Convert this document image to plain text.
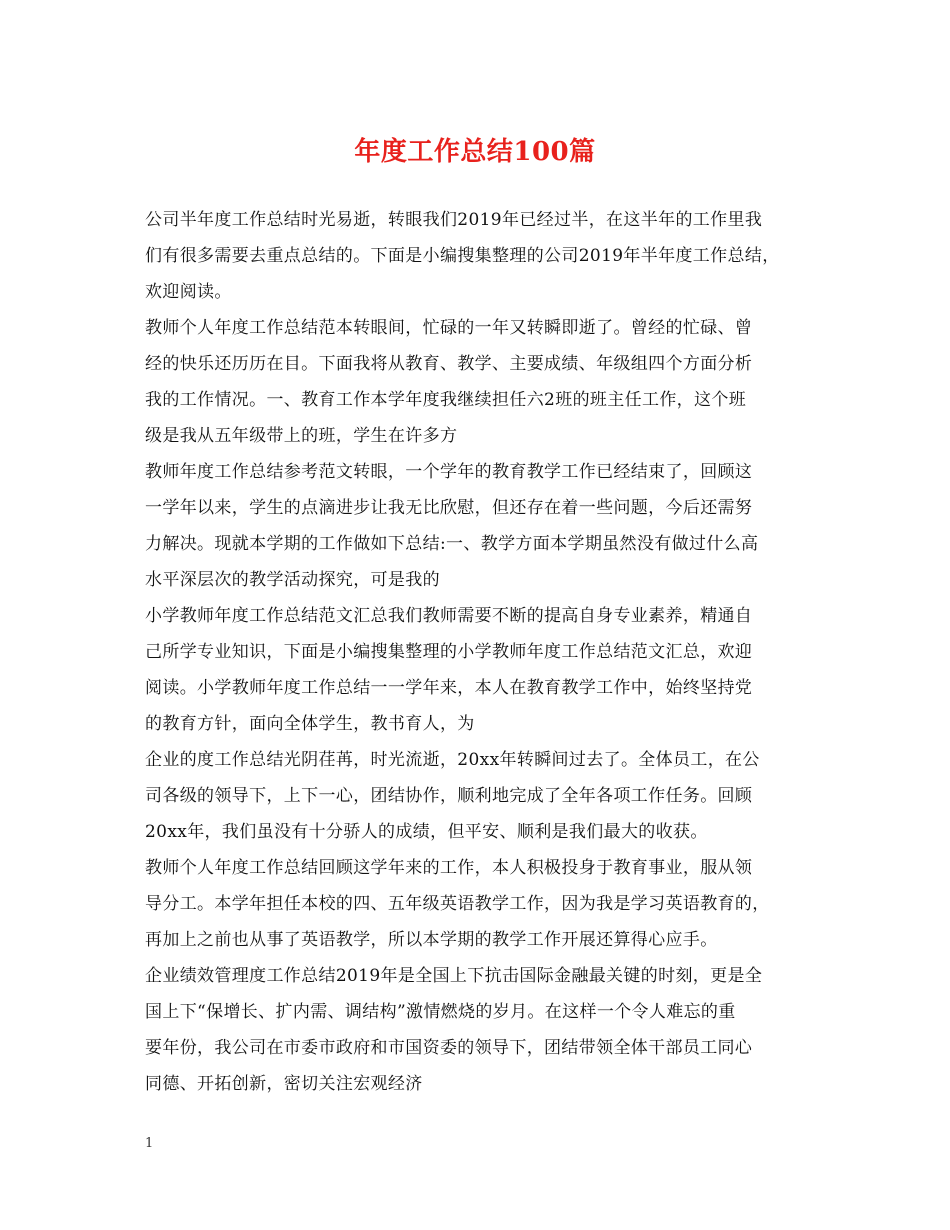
年度工作总结100篇
公司半年度工作总结时光易逝，转眼我们2019年已经过半，在这半年的工作里我
们有很多需要去重点总结的。下面是小编搜集整理的公司2019年半年度工作总结，
欢迎阅读。
教师个人年度工作总结范本转眼间，忙碌的一年又转瞬即逝了。曾经的忙碌、曾
经的快乐还历历在目。下面我将从教育、教学、主要成绩、年级组四个方面分析
我的工作情况。一、教育工作本学年度我继续担任六2班的班主任工作，这个班
级是我从五年级带上的班，学生在许多方
教师年度工作总结参考范文转眼，一个学年的教育教学工作已经结束了，回顾这
一学年以来，学生的点滴进步让我无比欣慰，但还存在着一些问题，今后还需努
力解决。现就本学期的工作做如下总结:一、教学方面本学期虽然没有做过什么高
水平深层次的教学活动探究，可是我的
小学教师年度工作总结范文汇总我们教师需要不断的提高自身专业素养，精通自
己所学专业知识，下面是小编搜集整理的小学教师年度工作总结范文汇总，欢迎
阅读。小学教师年度工作总结一一学年来，本人在教育教学工作中，始终坚持党
的教育方针，面向全体学生，教书育人，为
企业的度工作总结光阴荏苒，时光流逝，20xx年转瞬间过去了。全体员工，在公
司各级的领导下，上下一心，团结协作，顺利地完成了全年各项工作任务。回顾
20xx年，我们虽没有十分骄人的成绩，但平安、顺利是我们最大的收获。
教师个人年度工作总结回顾这学年来的工作，本人积极投身于教育事业，服从领
导分工。本学年担任本校的四、五年级英语教学工作，因为我是学习英语教育的，
再加上之前也从事了英语教学，所以本学期的教学工作开展还算得心应手。
企业绩效管理度工作总结2019年是全国上下抗击国际金融最关键的时刻，更是全
国上下“保增长、扩内需、调结构”激情燃烧的岁月。在这样一个令人难忘的重
要年份，我公司在市委市政府和市国资委的领导下，团结带领全体干部员工同心
同德、开拓创新，密切关注宏观经济
1
